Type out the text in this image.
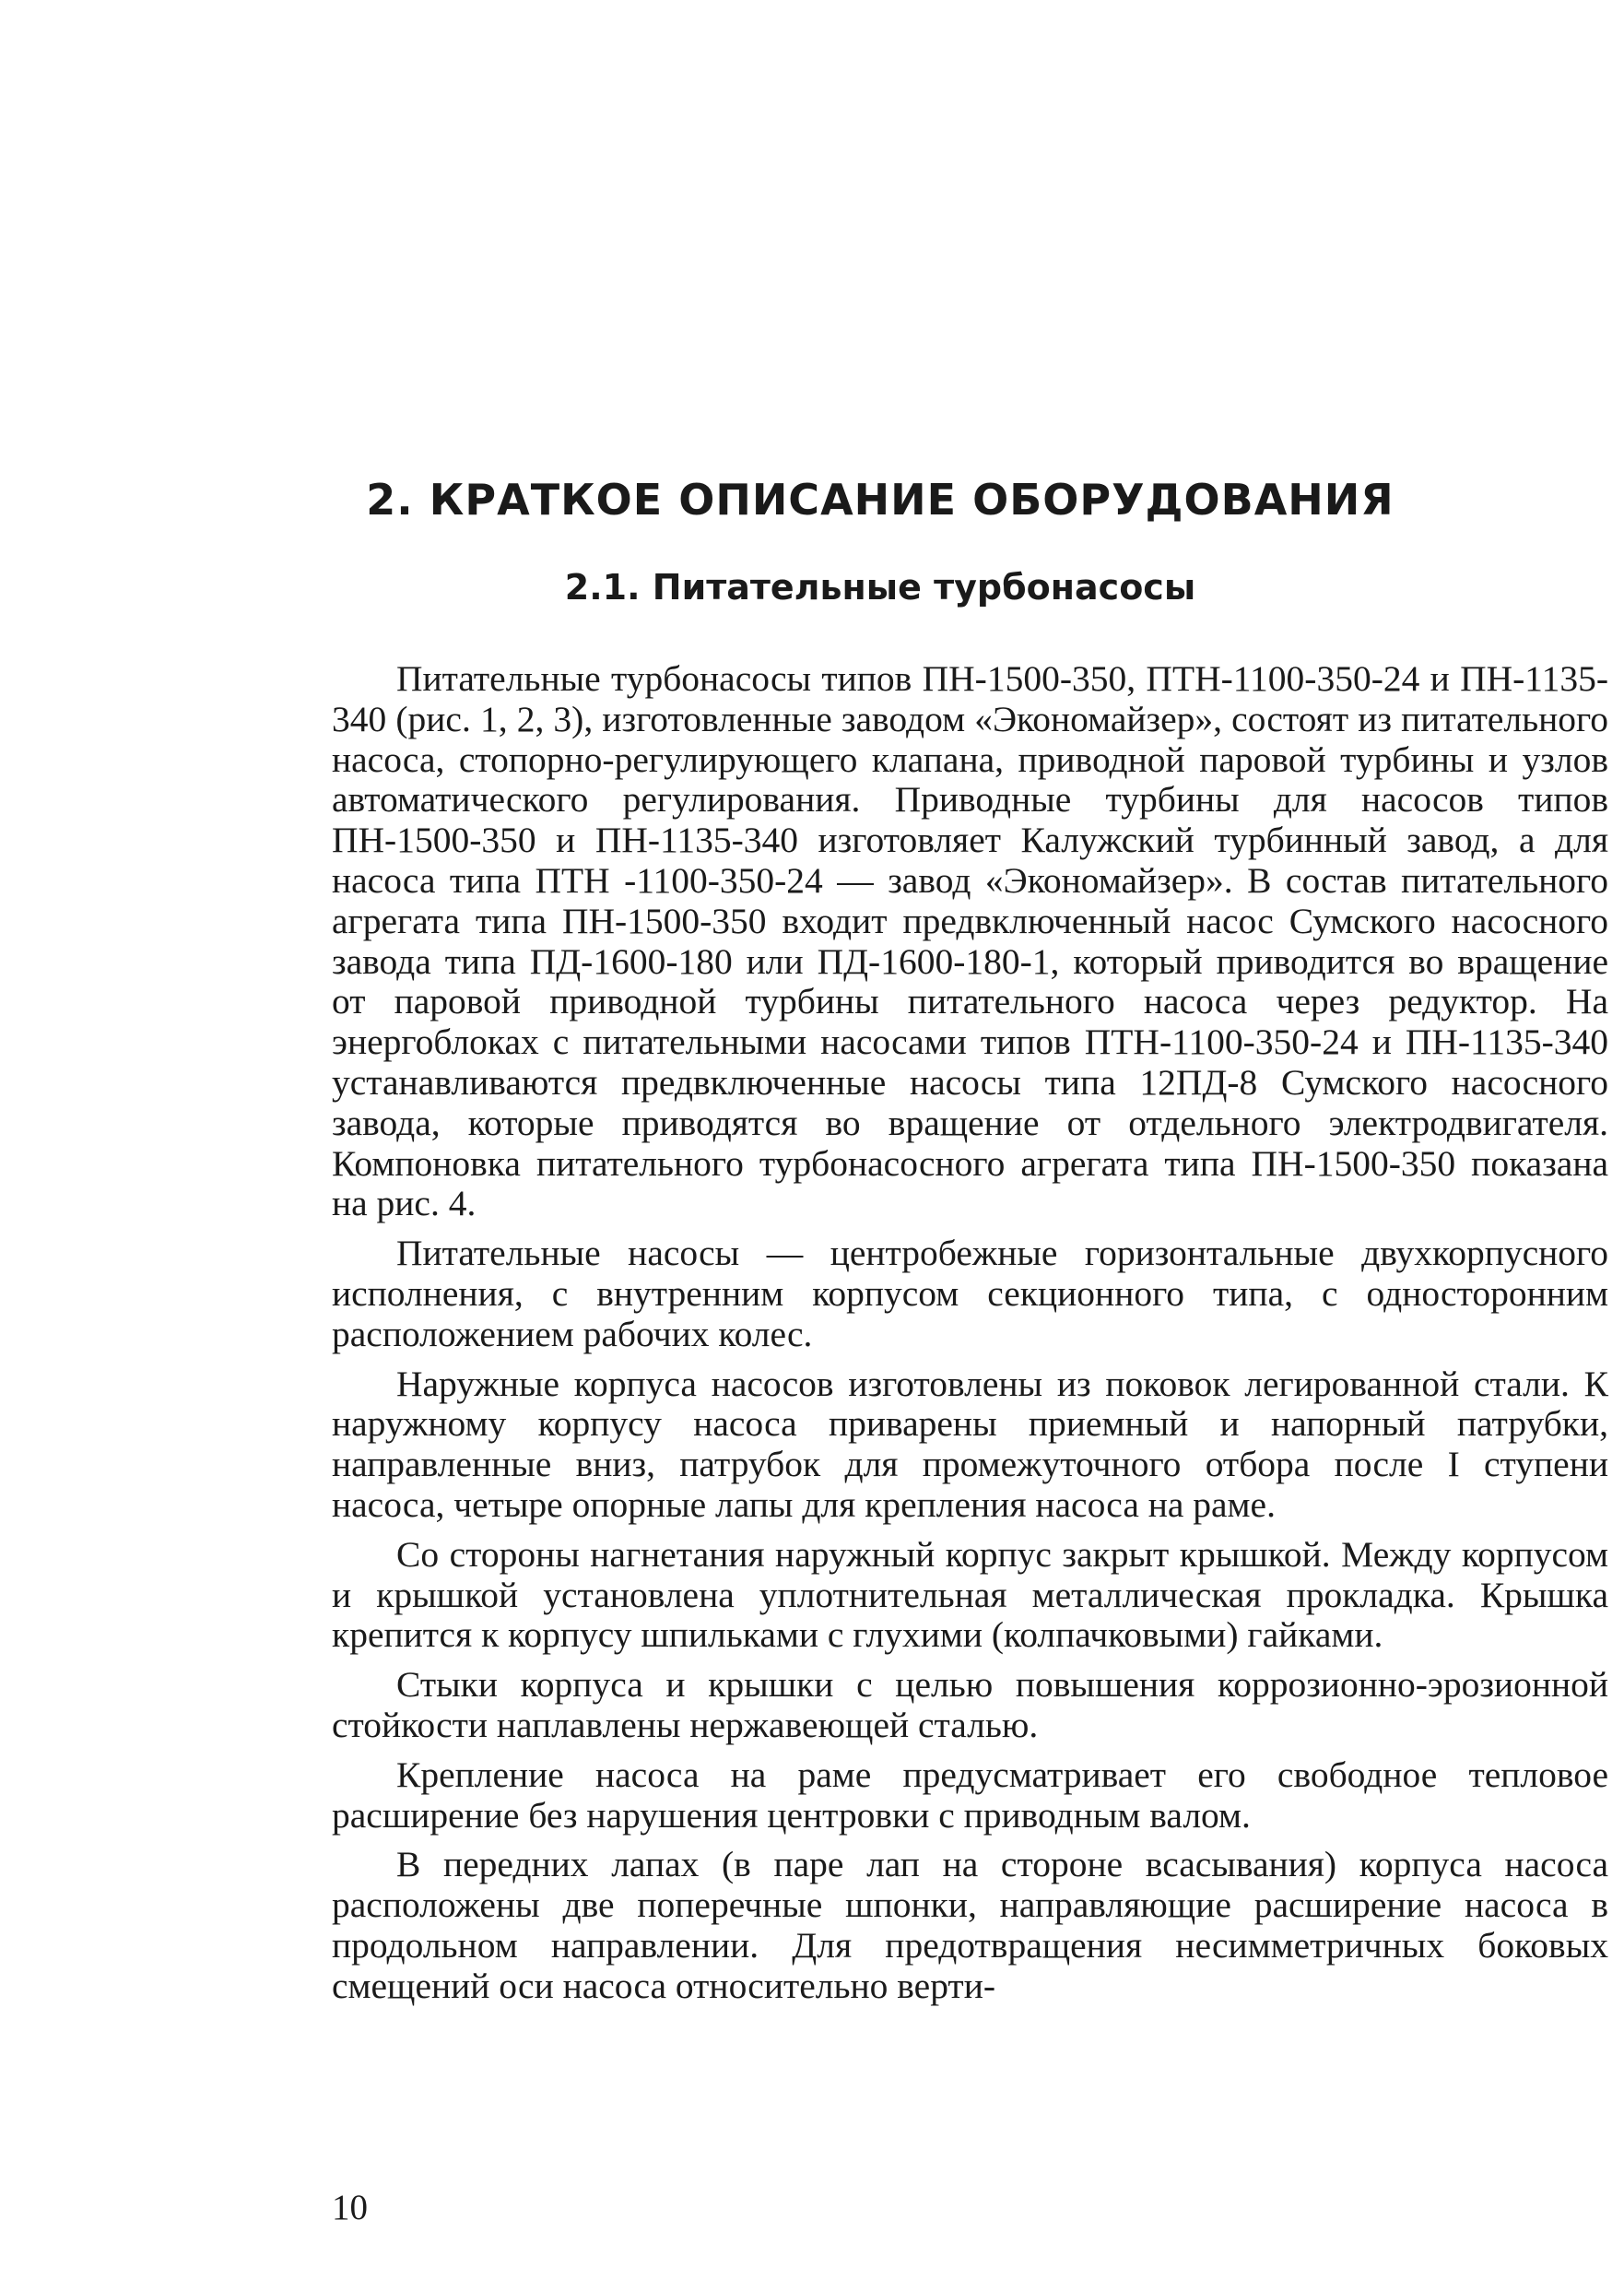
2. КРАТКОЕ ОПИСАНИЕ ОБОРУДОВАНИЯ
2.1. Питательные турбонасосы

Питательные турбонасосы типов ПН-1500-350, ПТН-1100-350-24 и ПН-1135-340 (рис. 1, 2, 3), изготовленные заводом «Экономайзер», состоят из питательного насоса, стопорно-регулирующего клапана, приводной паровой турбины и узлов автоматического регулирования. Приводные турбины для насосов типов ПН-1500-350 и ПН-1135-340 изготовляет Калужский турбинный завод, а для насоса типа ПТН -1100-350-24 — завод «Экономайзер». В состав питательного агрегата типа ПН-1500-350 входит предвключенный насос Сумского насосного завода типа ПД-1600-180 или ПД-1600-180-1, который приводится во вращение от паровой приводной турбины питательного насоса через редуктор. На энергоблоках с питательными насосами типов ПТН-1100-350-24 и ПН-1135-340 устанавливаются предвключенные насосы типа 12ПД-8 Сумского насосного завода, которые приводятся во вращение от отдельного электродвигателя. Компоновка питательного турбонасосного агрегата типа ПН-1500-350 показана на рис. 4.

Питательные насосы — центробежные горизонтальные двухкорпусного исполнения, с внутренним корпусом секционного типа, с односторонним расположением рабочих колес.

Наружные корпуса насосов изготовлены из поковок легированной стали. К наружному корпусу насоса приварены приемный и напорный патрубки, направленные вниз, патрубок для промежуточного отбора после I ступени насоса, четыре опорные лапы для крепления насоса на раме.

Со стороны нагнетания наружный корпус закрыт крышкой. Между корпусом и крышкой установлена уплотнительная металлическая прокладка. Крышка крепится к корпусу шпильками с глухими (колпачковыми) гайками.

Стыки корпуса и крышки с целью повышения коррозионно-эрозионной стойкости наплавлены нержавеющей сталью.

Крепление насоса на раме предусматривает его свободное тепловое расширение без нарушения центровки с приводным валом.

В передних лапах (в паре лап на стороне всасывания) корпуса насоса расположены две поперечные шпонки, направляющие расширение насоса в продольном направлении. Для предотвращения несимметричных боковых смещений оси насоса относительно верти-

10
